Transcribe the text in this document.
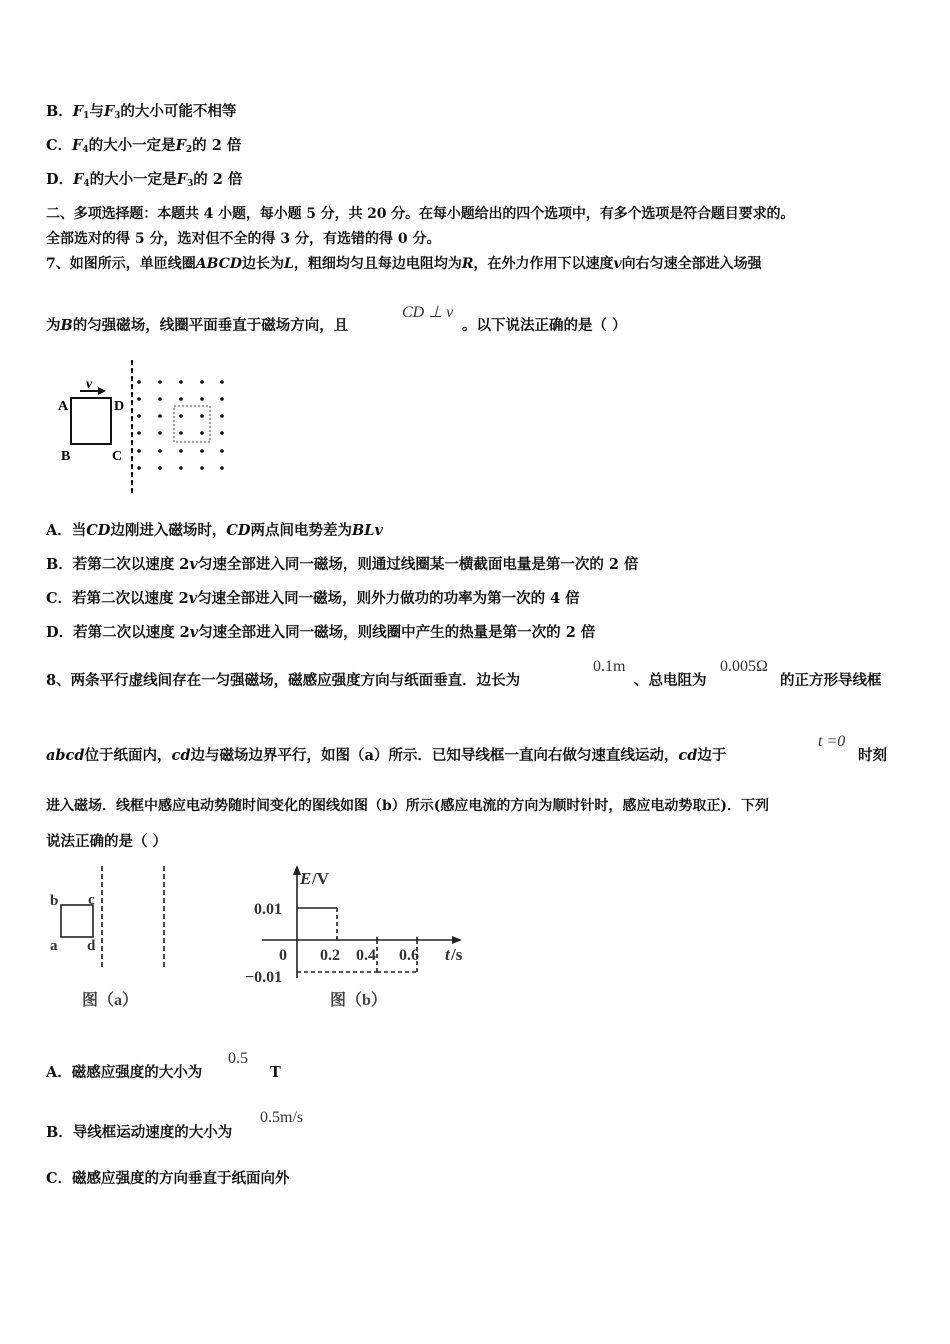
B．$F_1$与$F_3$的大小可能不相等
C．$F_4$的大小一定是$F_2$的 2 倍
D．$F_4$的大小一定是$F_3$的 2 倍
二、多项选择题：本题共 4 小题，每小题 5 分，共 20 分。在每小题给出的四个选项中，有多个选项是符合题目要求的。
全部选对的得 5 分，选对但不全的得 3 分，有选错的得 0 分。
7、如图所示，单匝线圈ABCD边长为L，粗细均匀且每边电阻均为R，在外力作用下以速度v向右匀速全部进入场强
为B的匀强磁场，线圈平面垂直于磁场方向，且
CD ⊥ v
。以下说法正确的是（ ）
v
A	D
B	C
A．当CD边刚进入磁场时，CD两点间电势差为BLv
B．若第二次以速度 2v匀速全部进入同一磁场，则通过线圈某一横截面电量是第一次的 2 倍
C．若第二次以速度 2v匀速全部进入同一磁场，则外力做功的功率为第一次的 4 倍
D．若第二次以速度 2v匀速全部进入同一磁场，则线圈中产生的热量是第一次的 2 倍
8、两条平行虚线间存在一匀强磁场，磁感应强度方向与纸面垂直．边长为
0.1m
、总电阻为
0.005Ω
的正方形导线框
abcd位于纸面内，cd边与磁场边界平行，如图（a）所示．已知导线框一直向右做匀速直线运动，cd边于
t =0
时刻
进入磁场．线框中感应电动势随时间变化的图线如图（b）所示(感应电流的方向为顺时针时，感应电动势取正)．下列
说法正确的是（ ）
b c
a d
图（a）
E /V
0.01
−0.01
0 0.2 0.4 0.6 t /s
图（b）
A．磁感应强度的大小为
0.5
T
B．导线框运动速度的大小为
0.5m/s
C．磁感应强度的方向垂直于纸面向外
